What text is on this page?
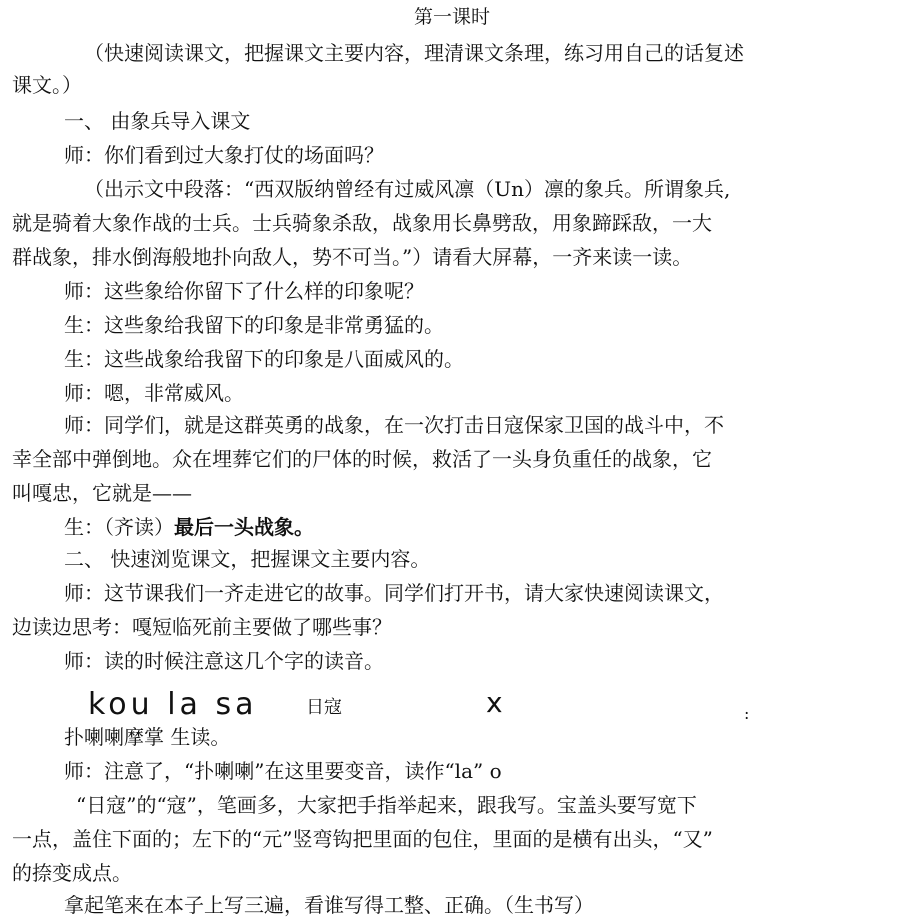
第一课时
（快速阅读课文，把握课文主要内容，理清课文条理，练习用自己的话复述
课文。）
一、 由象兵导入课文
师：你们看到过大象打仗的场面吗？
（出示文中段落：“西双版纳曾经有过威风凛（Un）凛的象兵。所谓象兵,
就是骑着大象作战的士兵。士兵骑象杀敌，战象用长鼻劈敌，用象蹄踩敌，一大
群战象，排水倒海般地扑向敌人，势不可当。”）请看大屏幕，一齐来读一读。
师：这些象给你留下了什么样的印象呢？
生：这些象给我留下的印象是非常勇猛的。
生：这些战象给我留下的印象是八面威风的。
师：嗯，非常威风。
师：同学们，就是这群英勇的战象，在一次打击日寇保家卫国的战斗中，不
幸全部中弹倒地。众在埋葬它们的尸体的时候，救活了一头身负重任的战象，它
叫嘎忠，它就是——
生：（齐读）最后一头战象。
二、 快速浏览课文，把握课文主要内容。
师：这节课我们一齐走进它的故事。同学们打开书，请大家快速阅读课文，
边读边思考：嘎短临死前主要做了哪些事？
师：读的时候注意这几个字的读音。
kou la sa	日寇	x	:
扑喇喇摩掌 生读。
师：注意了，“扑喇喇”在这里要变音，读作“la” o
“日寇”的“寇”，笔画多，大家把手指举起来，跟我写。宝盖头要写宽下
一点，盖住下面的；左下的“元”竖弯钩把里面的包住，里面的是横有出头，“又”
的捺变成点。
拿起笔来在本子上写三遍，看谁写得工整、正确。（生书写）
